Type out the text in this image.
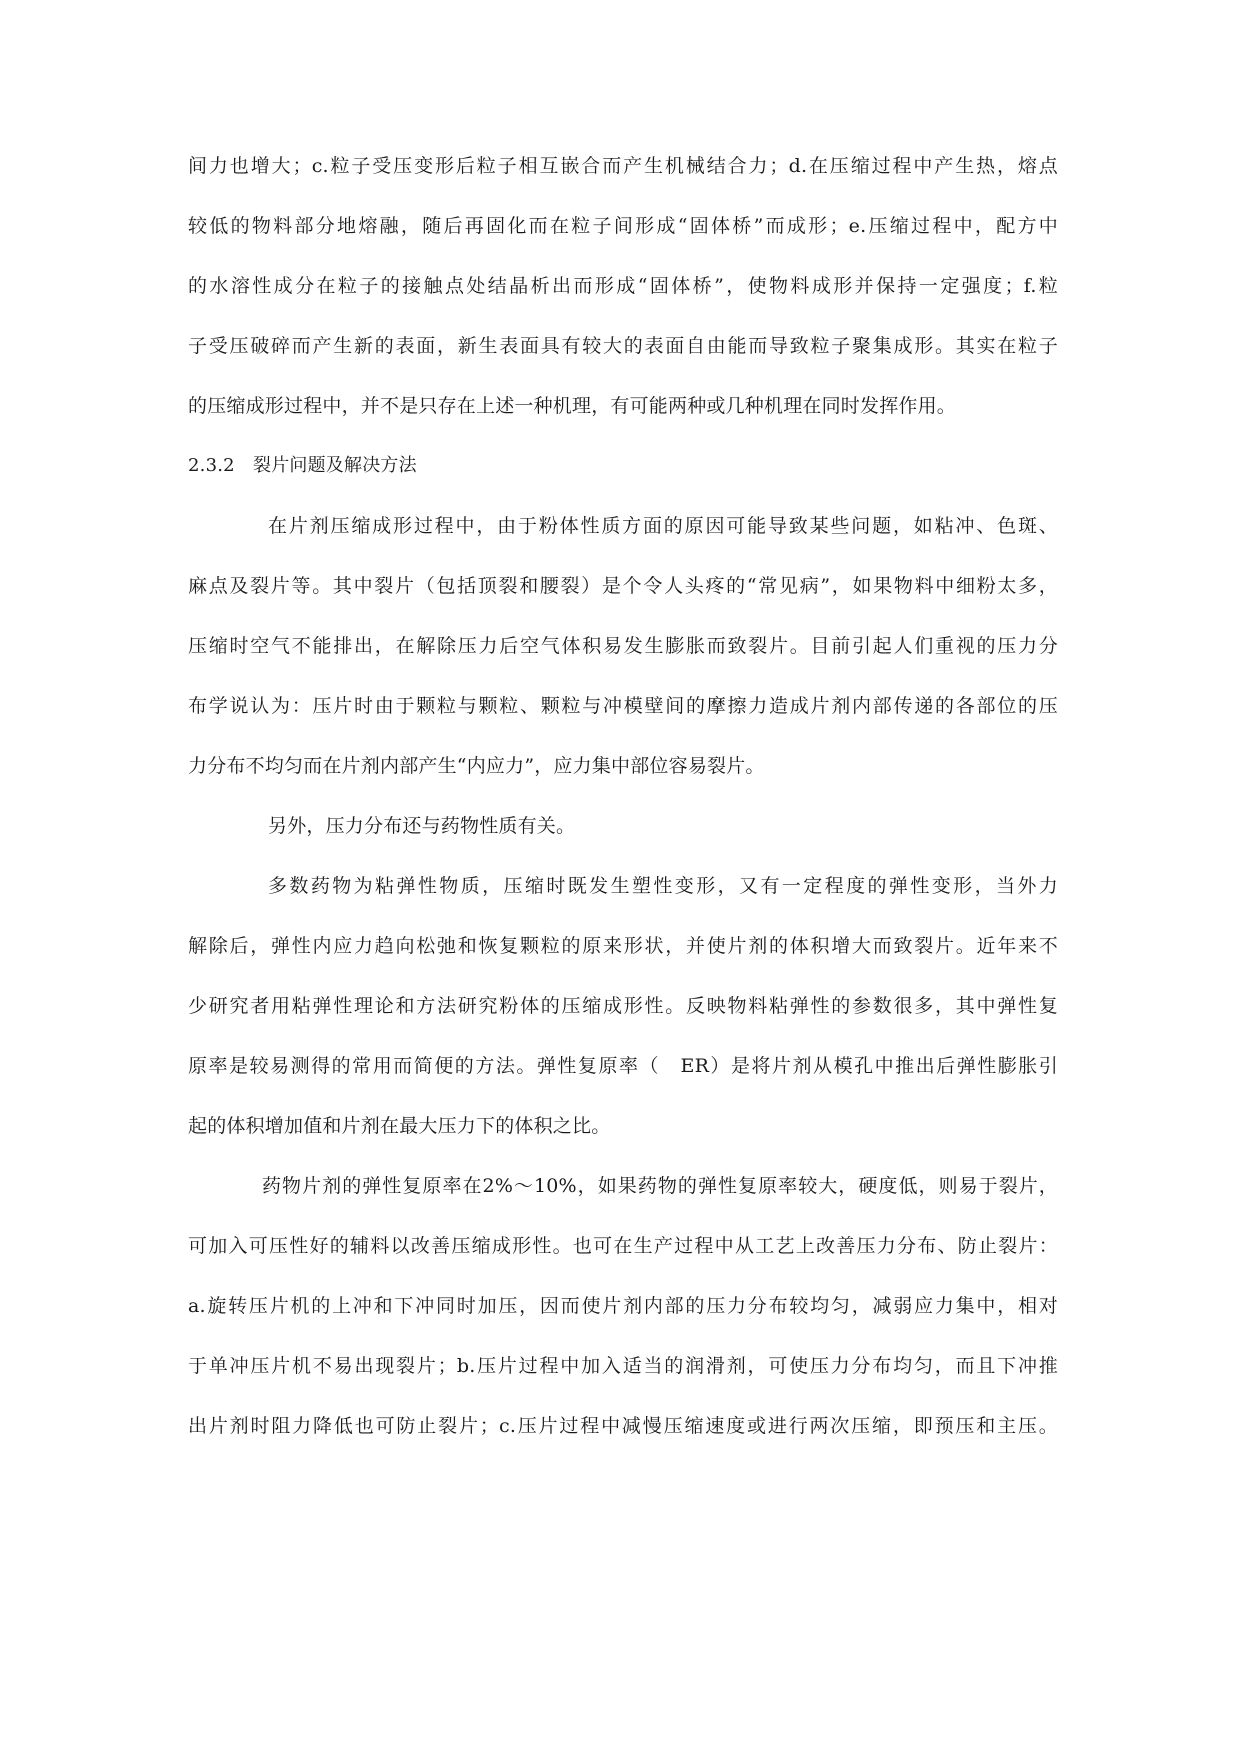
间力也增大；c.粒子受压变形后粒子相互嵌合而产生机械结合力；d.在压缩过程中产生热，熔点
较低的物料部分地熔融，随后再固化而在粒子间形成“固体桥”而成形；e.压缩过程中，配方中
的水溶性成分在粒子的接触点处结晶析出而形成“固体桥”，使物料成形并保持一定强度；f.粒
子受压破碎而产生新的表面，新生表面具有较大的表面自由能而导致粒子聚集成形。其实在粒子
的压缩成形过程中，并不是只存在上述一种机理，有可能两种或几种机理在同时发挥作用。
2.3.2　裂片问题及解决方法
在片剂压缩成形过程中，由于粉体性质方面的原因可能导致某些问题，如粘冲、色斑、
麻点及裂片等。其中裂片（包括顶裂和腰裂）是个令人头疼的“常见病”，如果物料中细粉太多，
压缩时空气不能排出，在解除压力后空气体积易发生膨胀而致裂片。目前引起人们重视的压力分
布学说认为：压片时由于颗粒与颗粒、颗粒与冲模壁间的摩擦力造成片剂内部传递的各部位的压
力分布不均匀而在片剂内部产生“内应力”，应力集中部位容易裂片。
另外，压力分布还与药物性质有关。
多数药物为粘弹性物质，压缩时既发生塑性变形，又有一定程度的弹性变形，当外力
解除后，弹性内应力趋向松弛和恢复颗粒的原来形状，并使片剂的体积增大而致裂片。近年来不
少研究者用粘弹性理论和方法研究粉体的压缩成形性。反映物料粘弹性的参数很多，其中弹性复
原率是较易测得的常用而简便的方法。弹性复原率（　ER）是将片剂从模孔中推出后弹性膨胀引
起的体积增加值和片剂在最大压力下的体积之比。
药物片剂的弹性复原率在2%～10%，如果药物的弹性复原率较大，硬度低，则易于裂片，
可加入可压性好的辅料以改善压缩成形性。也可在生产过程中从工艺上改善压力分布、防止裂片：
a.旋转压片机的上冲和下冲同时加压，因而使片剂内部的压力分布较均匀，减弱应力集中，相对
于单冲压片机不易出现裂片；b.压片过程中加入适当的润滑剂，可使压力分布均匀，而且下冲推
出片剂时阻力降低也可防止裂片；c.压片过程中减慢压缩速度或进行两次压缩，即预压和主压。
